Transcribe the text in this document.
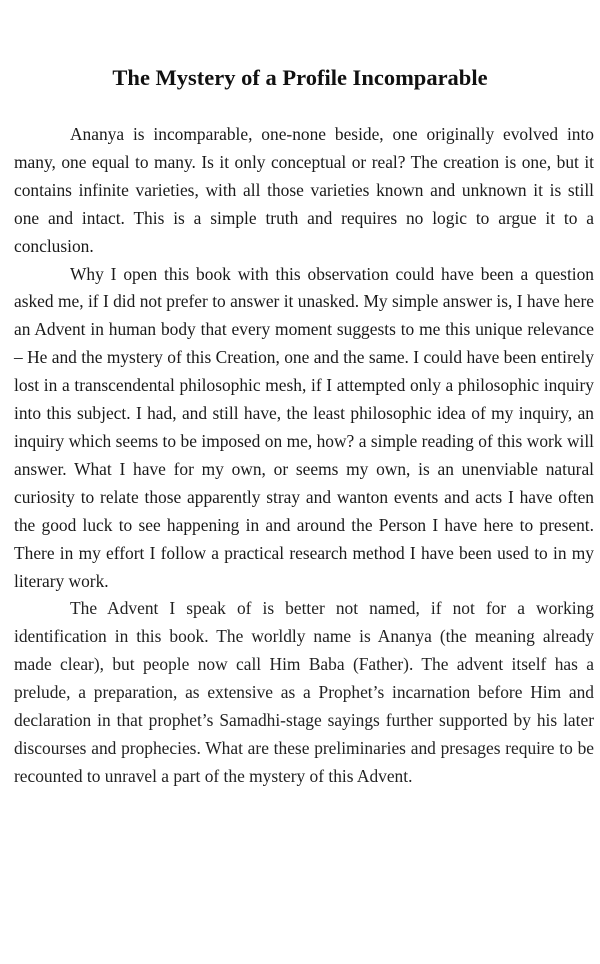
The Mystery of a Profile Incomparable

Ananya is incomparable, one-none beside, one originally evolved into many, one equal to many. Is it only conceptual or real? The creation is one, but it contains infinite varieties, with all those varieties known and unknown it is still one and intact. This is a simple truth and requires no logic to argue it to a conclusion.

Why I open this book with this observation could have been a question asked me, if I did not prefer to answer it unasked. My simple answer is, I have here an Advent in human body that every moment suggests to me this unique relevance – He and the mystery of this Creation, one and the same. I could have been entirely lost in a transcendental philosophic mesh, if I attempted only a philosophic inquiry into this subject. I had, and still have, the least philosophic idea of my inquiry, an inquiry which seems to be imposed on me, how? a simple reading of this work will answer. What I have for my own, or seems my own, is an unenviable natural curiosity to relate those apparently stray and wanton events and acts I have often the good luck to see happening in and around the Person I have here to present. There in my effort I follow a practical research method I have been used to in my literary work.

The Advent I speak of is better not named, if not for a working identification in this book. The worldly name is Ananya (the meaning already made clear), but people now call Him Baba (Father). The advent itself has a prelude, a preparation, as extensive as a Prophet’s incarnation before Him and declaration in that prophet’s Samadhi-stage sayings further supported by his later discourses and prophecies. What are these preliminaries and presages require to be recounted to unravel a part of the mystery of this Advent.
